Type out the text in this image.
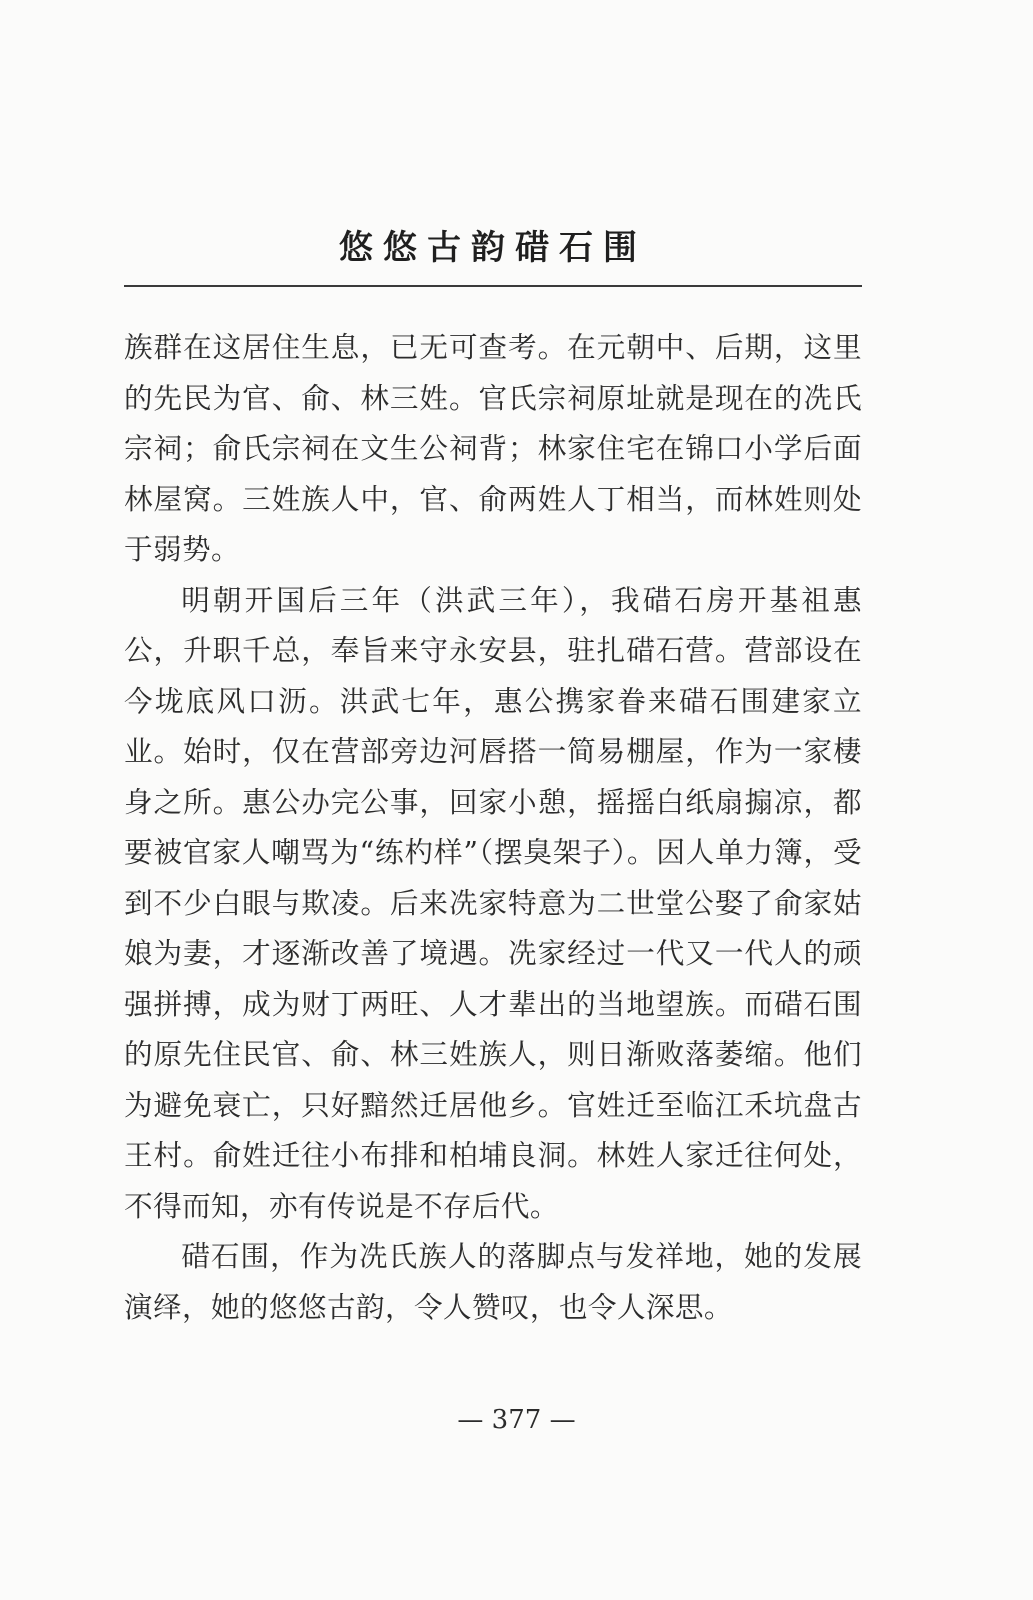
悠悠古韵碏石围

族群在这居住生息，已无可查考。在元朝中、后期，这里的先民为官、俞、林三姓。官氏宗祠原址就是现在的冼氏宗祠；俞氏宗祠在文生公祠背；林家住宅在锦口小学后面林屋窝。三姓族人中，官、俞两姓人丁相当，而林姓则处于弱势。

明朝开国后三年（洪武三年），我碏石房开基祖惠公，升职千总，奉旨来守永安县，驻扎碏石营。营部设在今垅底风口沥。洪武七年，惠公携家眷来碏石围建家立业。始时，仅在营部旁边河唇搭一简易棚屋，作为一家棲身之所。惠公办完公事，回家小憩，摇摇白纸扇搧凉，都要被官家人嘲骂为“练杓样”（摆臭架子）。因人单力簿，受到不少白眼与欺凌。后来冼家特意为二世堂公娶了俞家姑娘为妻，才逐渐改善了境遇。冼家经过一代又一代人的顽强拼搏，成为财丁两旺、人才辈出的当地望族。而碏石围的原先住民官、俞、林三姓族人，则日渐败落萎缩。他们为避免衰亡，只好黯然迁居他乡。官姓迁至临江禾坑盘古王村。俞姓迁往小布排和柏埔良洞。林姓人家迁往何处，不得而知，亦有传说是不存后代。

碏石围，作为冼氏族人的落脚点与发祥地，她的发展演绎，她的悠悠古韵，令人赞叹，也令人深思。

— 377 —
